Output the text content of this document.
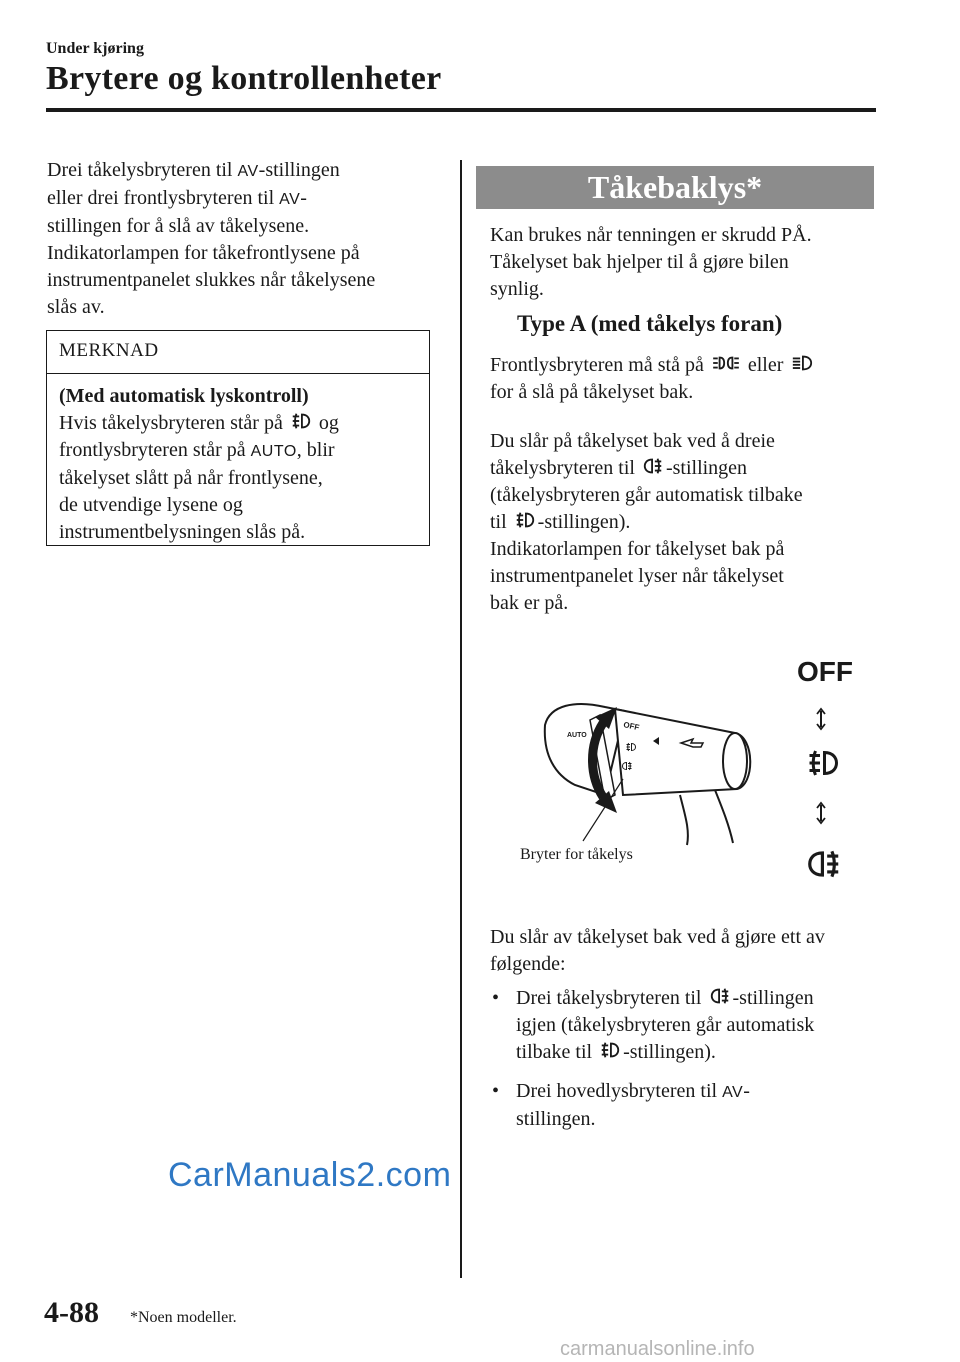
Under kjøring
Brytere og kontrollenheter

Drei tåkelysbryteren til AV-stillingen

eller drei frontlysbryteren til AV-

stillingen for å slå av tåkelysene.

Indikatorlampen for tåkefrontlysene på

instrumentpanelet slukkes når tåkelysene

slås av.

MERKNAD

(Med automatisk lyskontroll)

Hvis tåkelysbryteren står på og

frontlysbryteren står på AUTO, blir

tåkelyset slått på når frontlysene,

de utvendige lysene og

instrumentbelysningen slås på.

Tåkebaklys*

Kan brukes når tenningen er skrudd PÅ.

Tåkelyset bak hjelper til å gjøre bilen

synlig.

Type A (med tåkelys foran)

Frontlysbryteren må stå på eller

for å slå på tåkelyset bak.

Du slår på tåkelyset bak ved å dreie

tåkelysbryteren til -stillingen

(tåkelysbryteren går automatisk tilbake

til -stillingen).

Indikatorlampen for tåkelyset bak på

instrumentpanelet lyser når tåkelyset

bak er på.

OFF
OFF
AUTO
Bryter for tåkelys

Du slår av tåkelyset bak ved å gjøre ett av

følgende:

• Drei tåkelysbryteren til -stillingen
igjen (tåkelysbryteren går automatisk
tilbake til -stillingen).
• Drei hovedlysbryteren til AV-
stillingen.
4-88 *Noen modeller.
CarManuals2.com
carmanualsonline.info
